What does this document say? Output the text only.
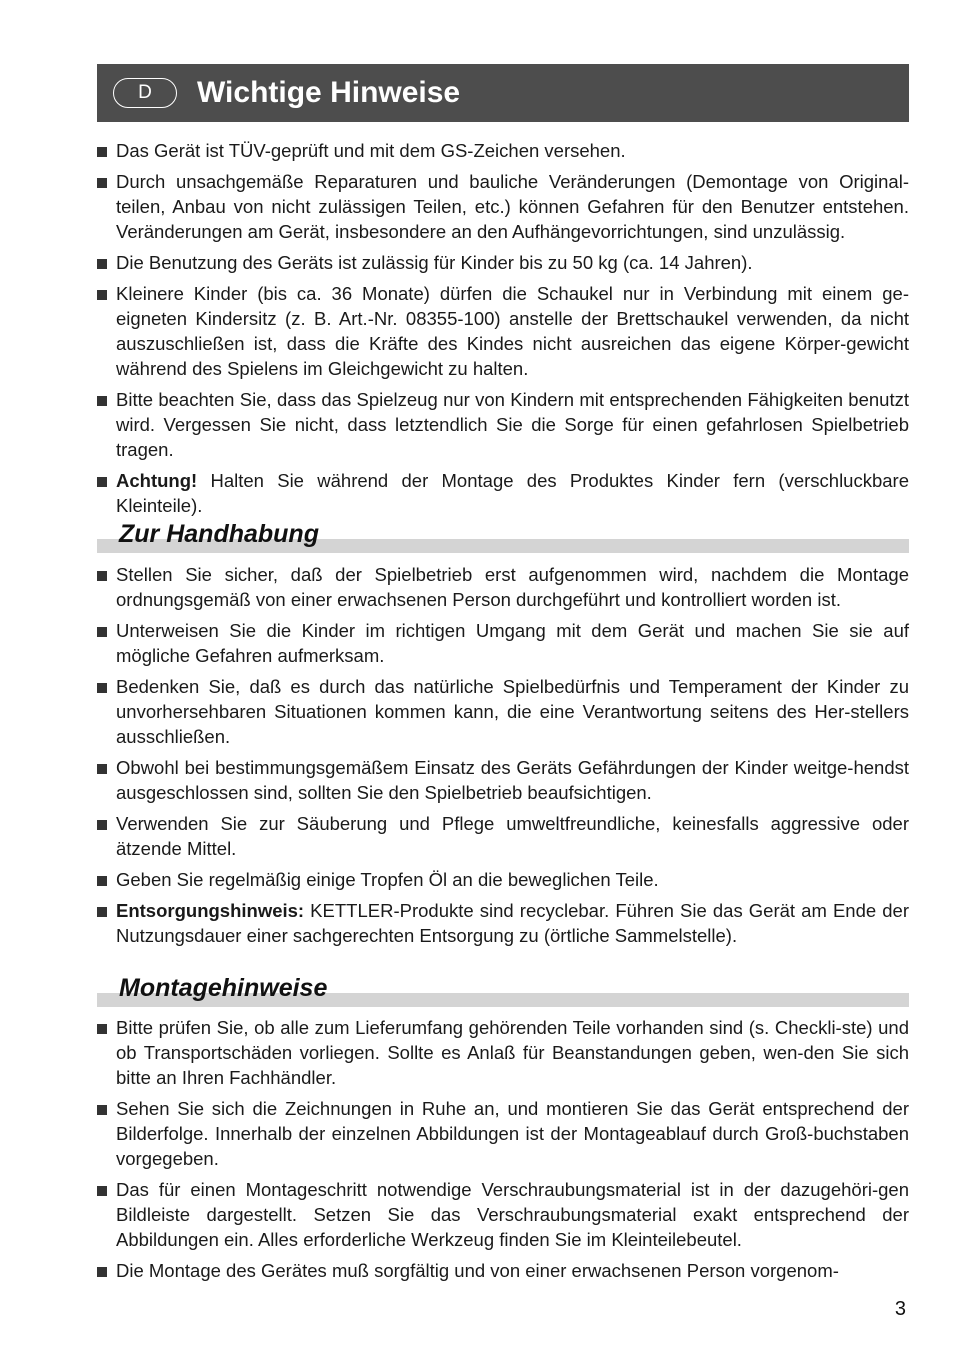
D	Wichtige Hinweise
Das Gerät ist TÜV-geprüft und mit dem GS-Zeichen versehen.
Durch unsachgemäße Reparaturen und bauliche Veränderungen (Demontage von Original-teilen, Anbau von nicht zulässigen Teilen, etc.) können Gefahren für den Benutzer entstehen. Veränderungen am Gerät, insbesondere an den Aufhängevorrichtungen, sind unzulässig.
Die Benutzung des Geräts ist zulässig für Kinder bis zu 50 kg (ca. 14 Jahren).
Kleinere Kinder (bis ca. 36 Monate) dürfen die Schaukel nur in Verbindung mit einem ge-eigneten Kindersitz (z. B. Art.-Nr. 08355-100) anstelle der Brettschaukel verwenden, da nicht auszuschließen ist, dass die Kräfte des Kindes nicht ausreichen das eigene Körper-gewicht während des Spielens im Gleichgewicht zu halten.
Bitte beachten Sie, dass das Spielzeug nur von Kindern mit entsprechenden Fähigkeiten benutzt wird. Vergessen Sie nicht, dass letztendlich Sie die Sorge für einen gefahrlosen Spielbetrieb tragen.
Achtung! Halten Sie während der Montage des Produktes Kinder fern (verschluckbare Kleinteile).
Zur Handhabung
Stellen Sie sicher, daß der Spielbetrieb erst aufgenommen wird, nachdem die Montage ordnungsgemäß von einer erwachsenen Person durchgeführt und kontrolliert worden ist.
Unterweisen Sie die Kinder im richtigen Umgang mit dem Gerät und machen Sie sie auf mögliche Gefahren aufmerksam.
Bedenken Sie, daß es durch das natürliche Spielbedürfnis und Temperament der Kinder zu unvorhersehbaren Situationen kommen kann, die eine Verantwortung seitens des Her-stellers ausschließen.
Obwohl bei bestimmungsgemäßem Einsatz des Geräts Gefährdungen der Kinder weitge-hendst ausgeschlossen sind, sollten Sie den Spielbetrieb beaufsichtigen.
Verwenden Sie zur Säuberung und Pflege umweltfreundliche, keinesfalls aggressive oder ätzende Mittel.
Geben Sie regelmäßig einige Tropfen Öl an die beweglichen Teile.
Entsorgungshinweis: KETTLER-Produkte sind recyclebar. Führen Sie das Gerät am Ende der Nutzungsdauer einer sachgerechten Entsorgung zu (örtliche Sammelstelle).
Montagehinweise
Bitte prüfen Sie, ob alle zum Lieferumfang gehörenden Teile vorhanden sind (s. Checkli-ste) und ob Transportschäden vorliegen. Sollte es Anlaß für Beanstandungen geben, wen-den Sie sich bitte an Ihren Fachhändler.
Sehen Sie sich die Zeichnungen in Ruhe an, und montieren Sie das Gerät entsprechend der Bilderfolge. Innerhalb der einzelnen Abbildungen ist der Montageablauf durch Groß-buchstaben vorgegeben.
Das für einen Montageschritt notwendige Verschraubungsmaterial ist in der dazugehöri-gen Bildleiste dargestellt. Setzen Sie das Verschraubungsmaterial exakt entsprechend der Abbildungen ein. Alles erforderliche Werkzeug finden Sie im Kleinteilebeutel.
Die Montage des Gerätes muß sorgfältig und von einer erwachsenen Person vorgenom-
3
